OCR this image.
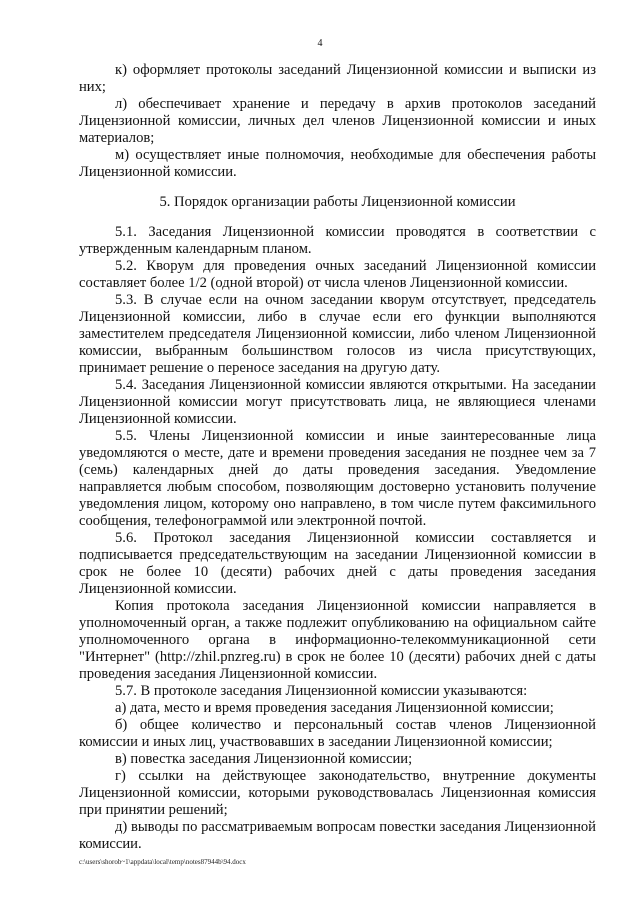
4

к) оформляет протоколы заседаний Лицензионной комиссии и выписки из них;

л) обеспечивает хранение и передачу в архив протоколов заседаний Лицензионной комиссии, личных дел членов Лицензионной комиссии и иных материалов;

м) осуществляет иные полномочия, необходимые для обеспечения работы Лицензионной комиссии.

5. Порядок организации работы Лицензионной комиссии

5.1. Заседания Лицензионной комиссии проводятся в соответствии с утвержденным календарным планом.

5.2. Кворум для проведения очных заседаний Лицензионной комиссии составляет более 1/2 (одной второй) от числа членов Лицензионной комиссии.

5.3. В случае если на очном заседании кворум отсутствует, председатель Лицензионной комиссии, либо в случае если его функции выполняются заместителем председателя Лицензионной комиссии, либо членом Лицензионной комиссии, выбранным большинством голосов из числа присутствующих, принимает решение о переносе заседания на другую дату.

5.4. Заседания Лицензионной комиссии являются открытыми. На заседании Лицензионной комиссии могут присутствовать лица, не являющиеся членами Лицензионной комиссии.

5.5. Члены Лицензионной комиссии и иные заинтересованные лица уведомляются о месте, дате и времени проведения заседания не позднее чем за 7 (семь) календарных дней до даты проведения заседания. Уведомление направляется любым способом, позволяющим достоверно установить получение уведомления лицом, которому оно направлено, в том числе путем факсимильного сообщения, телефонограммой или электронной почтой.

5.6. Протокол заседания Лицензионной комиссии составляется и подписывается председательствующим на заседании Лицензионной комиссии в срок не более 10 (десяти) рабочих дней с даты проведения заседания Лицензионной комиссии.

Копия протокола заседания Лицензионной комиссии направляется в уполномоченный орган, а также подлежит опубликованию на официальном сайте уполномоченного органа в информационно-телекоммуникационной сети "Интернет" (http://zhil.pnzreg.ru) в срок не более 10 (десяти) рабочих дней с даты проведения заседания Лицензионной комиссии.

5.7. В протоколе заседания Лицензионной комиссии указываются:

а) дата, место и время проведения заседания Лицензионной комиссии;

б) общее количество и персональный состав членов Лицензионной комиссии и иных лиц, участвовавших в заседании Лицензионной комиссии;

в) повестка заседания Лицензионной комиссии;

г) ссылки на действующее законодательство, внутренние документы Лицензионной комиссии, которыми руководствовалась Лицензионная комиссия при принятии решений;

д) выводы по рассматриваемым вопросам повестки заседания Лицензионной комиссии.

c:\users\shorob~1\appdata\local\temp\notes87944b\94.docx
